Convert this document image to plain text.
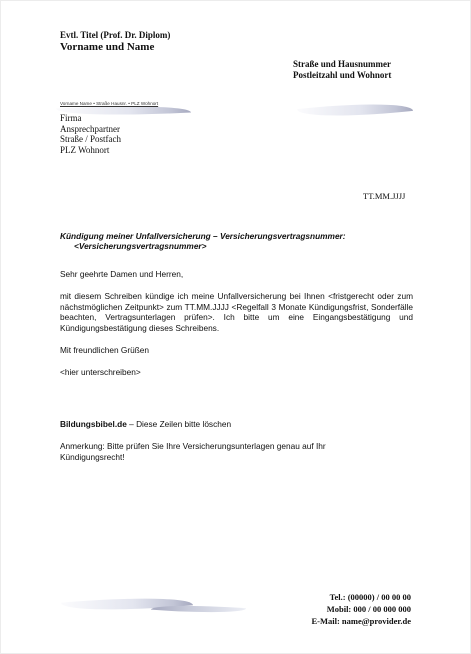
Evtl. Titel (Prof. Dr. Diplom)
Vorname und Name
Straße und Hausnummer
Postleitzahl und Wohnort
Vorname Name • Straße Hausnr. • PLZ Wohnort
Firma
Ansprechpartner
Straße / Postfach
PLZ Wohnort
TT.MM.JJJJ
Kündigung meiner Unfallversicherung – Versicherungsvertragsnummer:
<Versicherungsvertragsnummer>
Sehr geehrte Damen und Herren,
mit diesem Schreiben kündige ich meine Unfallversicherung bei Ihnen <fristgerecht oder zum nächstmöglichen Zeitpunkt> zum TT.MM.JJJJ <Regelfall 3 Monate Kündigungsfrist, Sonderfälle beachten, Vertragsunterlagen prüfen>. Ich bitte um eine Eingangsbestätigung und Kündigungsbestätigung dieses Schreibens.
Mit freundlichen Grüßen
<hier unterschreiben>
Bildungsbibel.de – Diese Zeilen bitte löschen
Anmerkung: Bitte prüfen Sie Ihre Versicherungsunterlagen genau auf Ihr Kündigungsrecht!
Tel.: (00000) / 00 00 00
Mobil: 000 / 00 000 000
E-Mail: name@provider.de
